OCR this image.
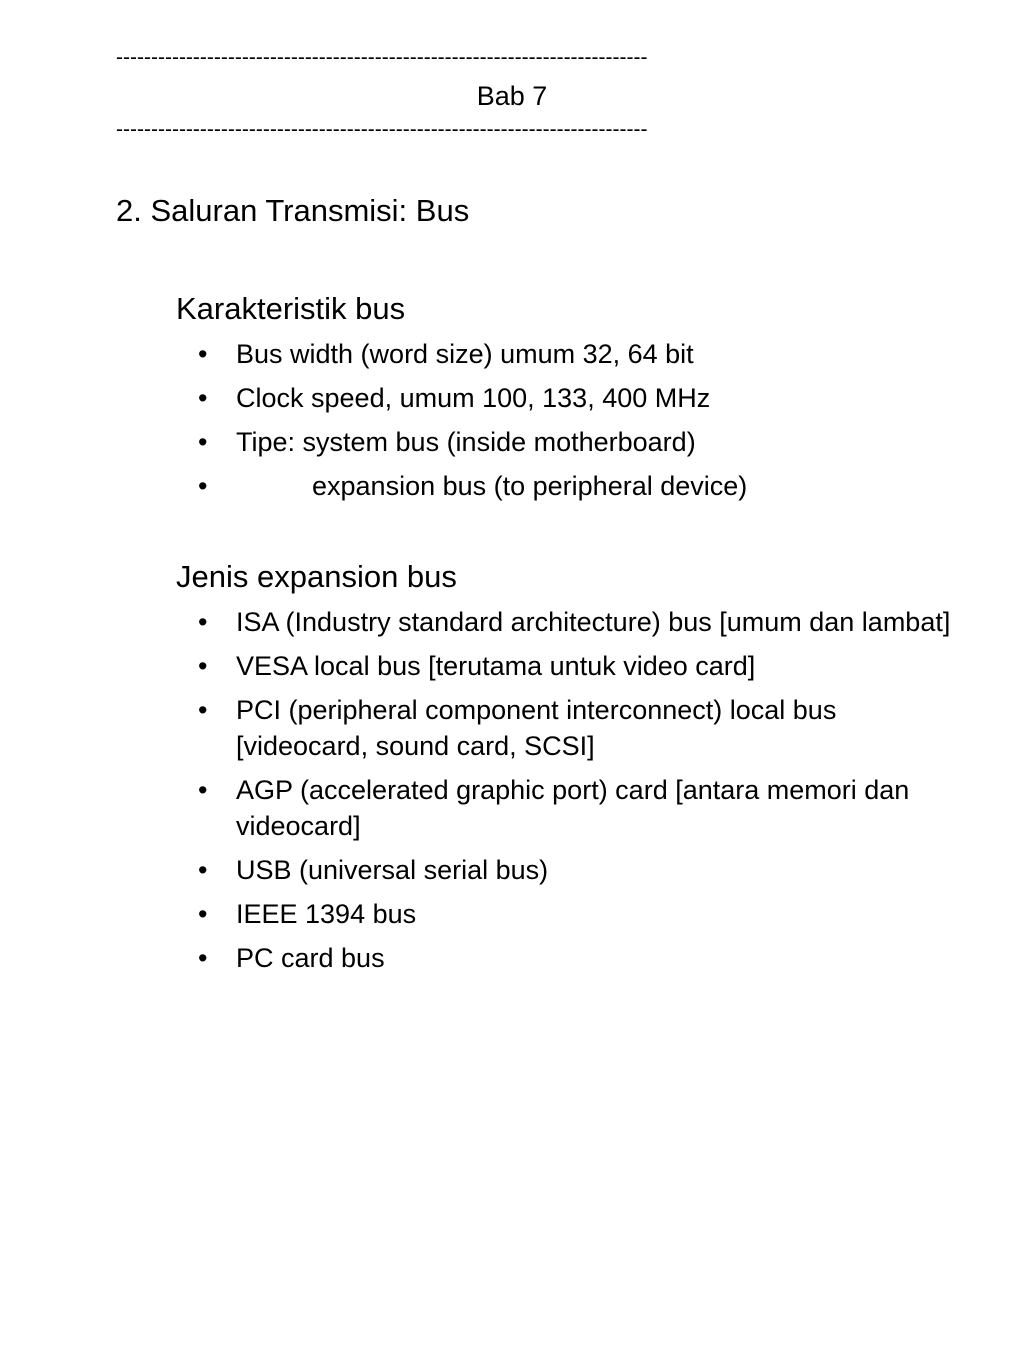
----------------------------------------------------------------------------
Bab 7
----------------------------------------------------------------------------
2. Saluran Transmisi: Bus
Karakteristik bus
• Bus width (word size) umum 32, 64 bit
• Clock speed, umum 100, 133, 400 MHz
• Tipe: system bus (inside motherboard)
•	expansion bus (to peripheral device)
Jenis expansion bus
• ISA (Industry standard architecture) bus [umum dan lambat]
• VESA local bus [terutama untuk video card]
• PCI (peripheral component interconnect) local bus [videocard, sound card, SCSI]
• AGP (accelerated graphic port) card [antara memori dan videocard]
• USB (universal serial bus)
• IEEE 1394 bus
• PC card bus
